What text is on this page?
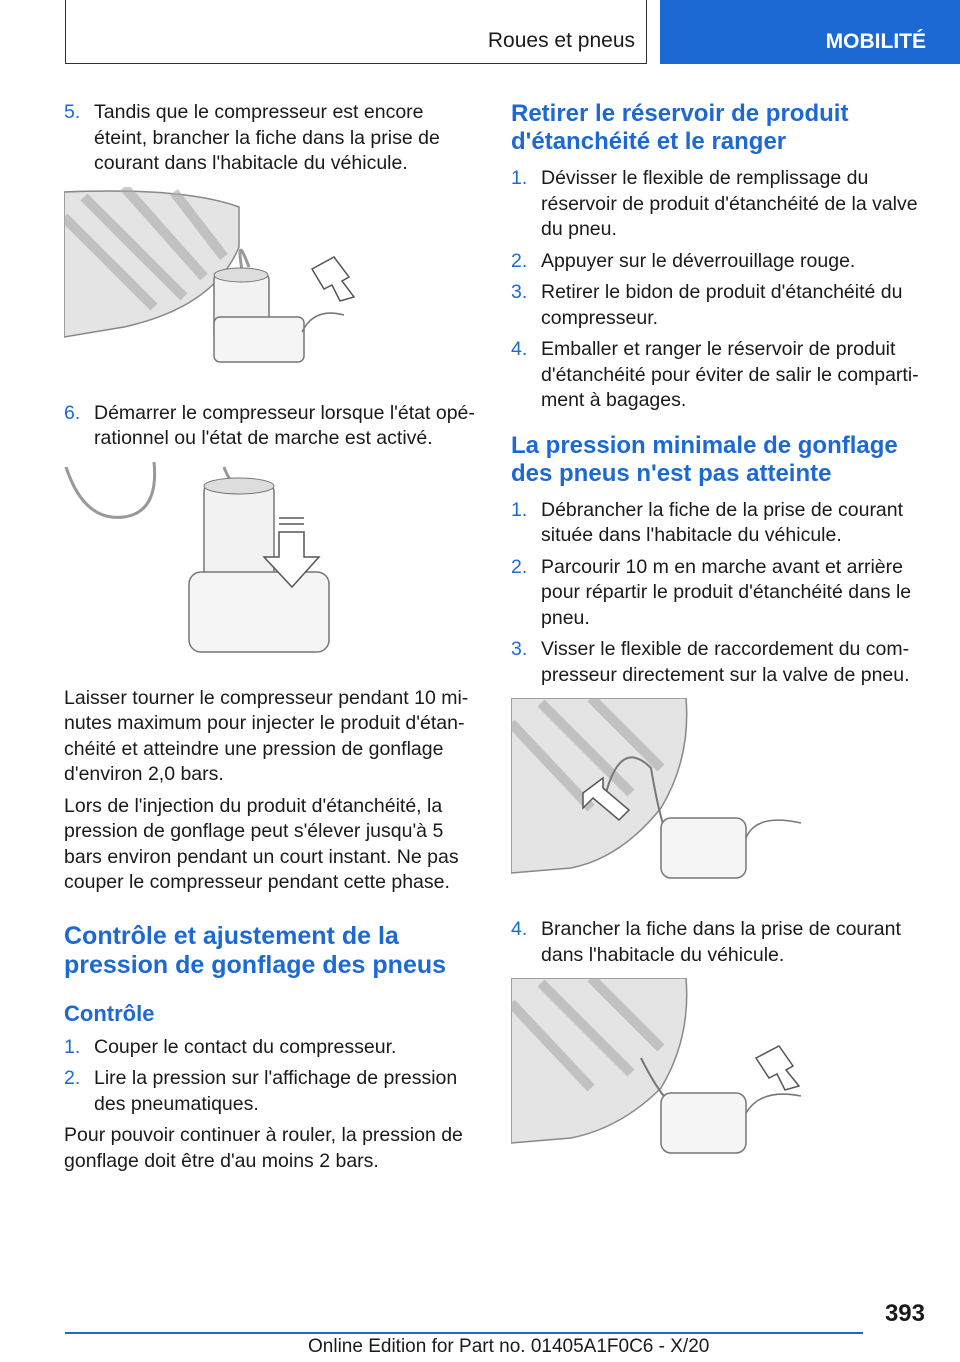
Roues et pneus	MOBILITÉ
5. Tandis que le compresseur est encore éteint, brancher la fiche dans la prise de courant dans l'habitacle du véhicule.
6. Démarrer le compresseur lorsque l'état opérationnel ou l'état de marche est activé.

Laisser tourner le compresseur pendant 10 minutes maximum pour injecter le produit d'étanchéité et atteindre une pression de gonflage d'environ 2,0 bars.

Lors de l'injection du produit d'étanchéité, la pression de gonflage peut s'élever jusqu'à 5 bars environ pendant un court instant. Ne pas couper le compresseur pendant cette phase.

Contrôle et ajustement de la pression de gonflage des pneus
Contrôle
1. Couper le contact du compresseur.
2. Lire la pression sur l'affichage de pression des pneumatiques.

Pour pouvoir continuer à rouler, la pression de gonflage doit être d'au moins 2 bars.

Retirer le réservoir de produit d'étanchéité et le ranger
1. Dévisser le flexible de remplissage du réservoir de produit d'étanchéité de la valve du pneu.
2. Appuyer sur le déverrouillage rouge.
3. Retirer le bidon de produit d'étanchéité du compresseur.
4. Emballer et ranger le réservoir de produit d'étanchéité pour éviter de salir le compartiment à bagages.
La pression minimale de gonflage des pneus n'est pas atteinte
1. Débrancher la fiche de la prise de courant située dans l'habitacle du véhicule.
2. Parcourir 10 m en marche avant et arrière pour répartir le produit d'étanchéité dans le pneu.
3. Visser le flexible de raccordement du compresseur directement sur la valve de pneu.
4. Brancher la fiche dans la prise de courant dans l'habitacle du véhicule.
393
Online Edition for Part no. 01405A1F0C6 - X/20
